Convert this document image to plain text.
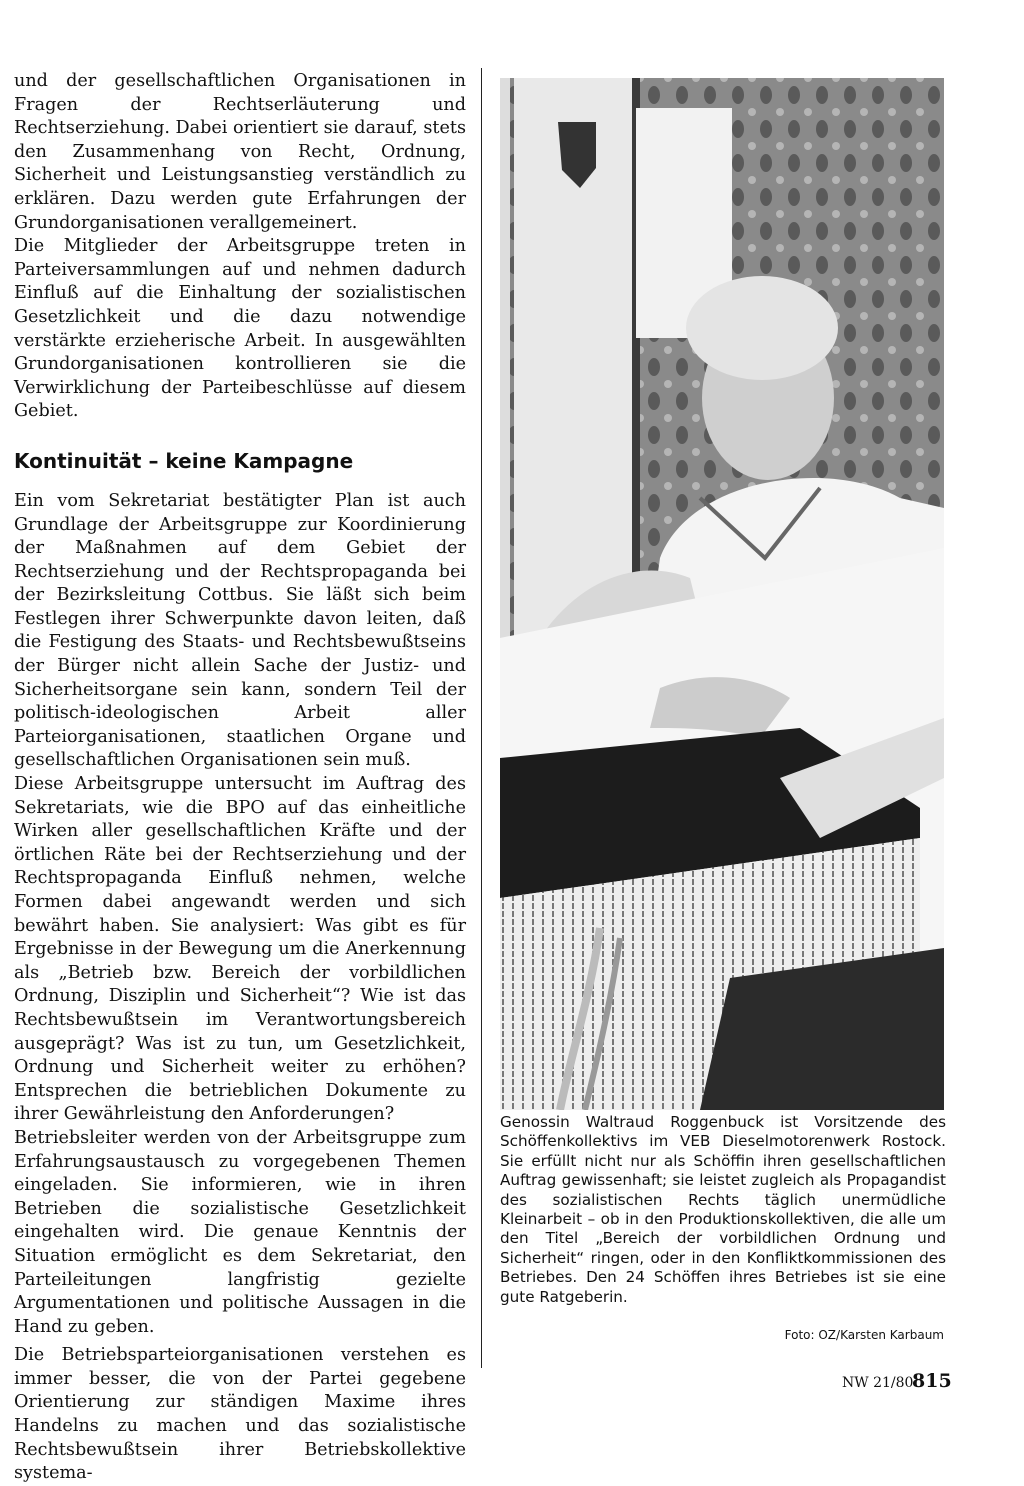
und der gesellschaftlichen Organisationen in Fragen der Rechtserläuterung und Rechtserziehung. Dabei orientiert sie darauf, stets den Zusammenhang von Recht, Ordnung, Sicherheit und Leistungsanstieg verständlich zu erklären. Dazu werden gute Erfahrungen der Grundorganisationen verallgemeinert.

Die Mitglieder der Arbeitsgruppe treten in Parteiversammlungen auf und nehmen dadurch Einfluß auf die Einhaltung der sozialistischen Gesetzlichkeit und die dazu notwendige verstärkte erzieherische Arbeit. In ausgewählten Grundorganisationen kontrollieren sie die Verwirklichung der Parteibeschlüsse auf diesem Gebiet.

Kontinuität – keine Kampagne

Ein vom Sekretariat bestätigter Plan ist auch Grundlage der Arbeitsgruppe zur Koordinierung der Maßnahmen auf dem Gebiet der Rechtserziehung und der Rechtspropaganda bei der Bezirksleitung Cottbus. Sie läßt sich beim Festlegen ihrer Schwerpunkte davon leiten, daß die Festigung des Staats- und Rechtsbewußtseins der Bürger nicht allein Sache der Justiz- und Sicherheitsorgane sein kann, sondern Teil der politisch-ideologischen Arbeit aller Parteiorganisationen, staatlichen Organe und gesellschaftlichen Organisationen sein muß.

Diese Arbeitsgruppe untersucht im Auftrag des Sekretariats, wie die BPO auf das einheitliche Wirken aller gesellschaftlichen Kräfte und der örtlichen Räte bei der Rechtserziehung und der Rechtspropaganda Einfluß nehmen, welche Formen dabei angewandt werden und sich bewährt haben. Sie analysiert: Was gibt es für Ergebnisse in der Bewegung um die Anerkennung als „Betrieb bzw. Bereich der vorbildlichen Ordnung, Disziplin und Sicherheit“? Wie ist das Rechtsbewußtsein im Verantwortungsbereich ausgeprägt? Was ist zu tun, um Gesetzlichkeit, Ordnung und Sicherheit weiter zu erhöhen? Entsprechen die betrieblichen Dokumente zu ihrer Gewährleistung den Anforderungen?

Betriebsleiter werden von der Arbeitsgruppe zum Erfahrungsaustausch zu vorgegebenen Themen eingeladen. Sie informieren, wie in ihren Betrieben die sozialistische Gesetzlichkeit eingehalten wird. Die genaue Kenntnis der Situation ermöglicht es dem Sekretariat, den Parteileitungen langfristig gezielte Argumentationen und politische Aussagen in die Hand zu geben.

Die Betriebsparteiorganisationen verstehen es immer besser, die von der Partei gegebene Orientierung zur ständigen Maxime ihres Handelns zu machen und das sozialistische Rechtsbewußtsein ihrer Betriebskollektive systema-

Genossin Waltraud Roggenbuck ist Vorsitzende des Schöffenkollektivs im VEB Dieselmotorenwerk Rostock. Sie erfüllt nicht nur als Schöffin ihren gesellschaftlichen Auftrag gewissenhaft; sie leistet zugleich als Propagandist des sozialistischen Rechts täglich unermüdliche Kleinarbeit – ob in den Produktionskollektiven, die alle um den Titel „Bereich der vorbildlichen Ordnung und Sicherheit“ ringen, oder in den Konfliktkommissionen des Betriebes. Den 24 Schöffen ihres Betriebes ist sie eine gute Ratgeberin.
Foto: OZ/Karsten Karbaum
NW 21/80
815
